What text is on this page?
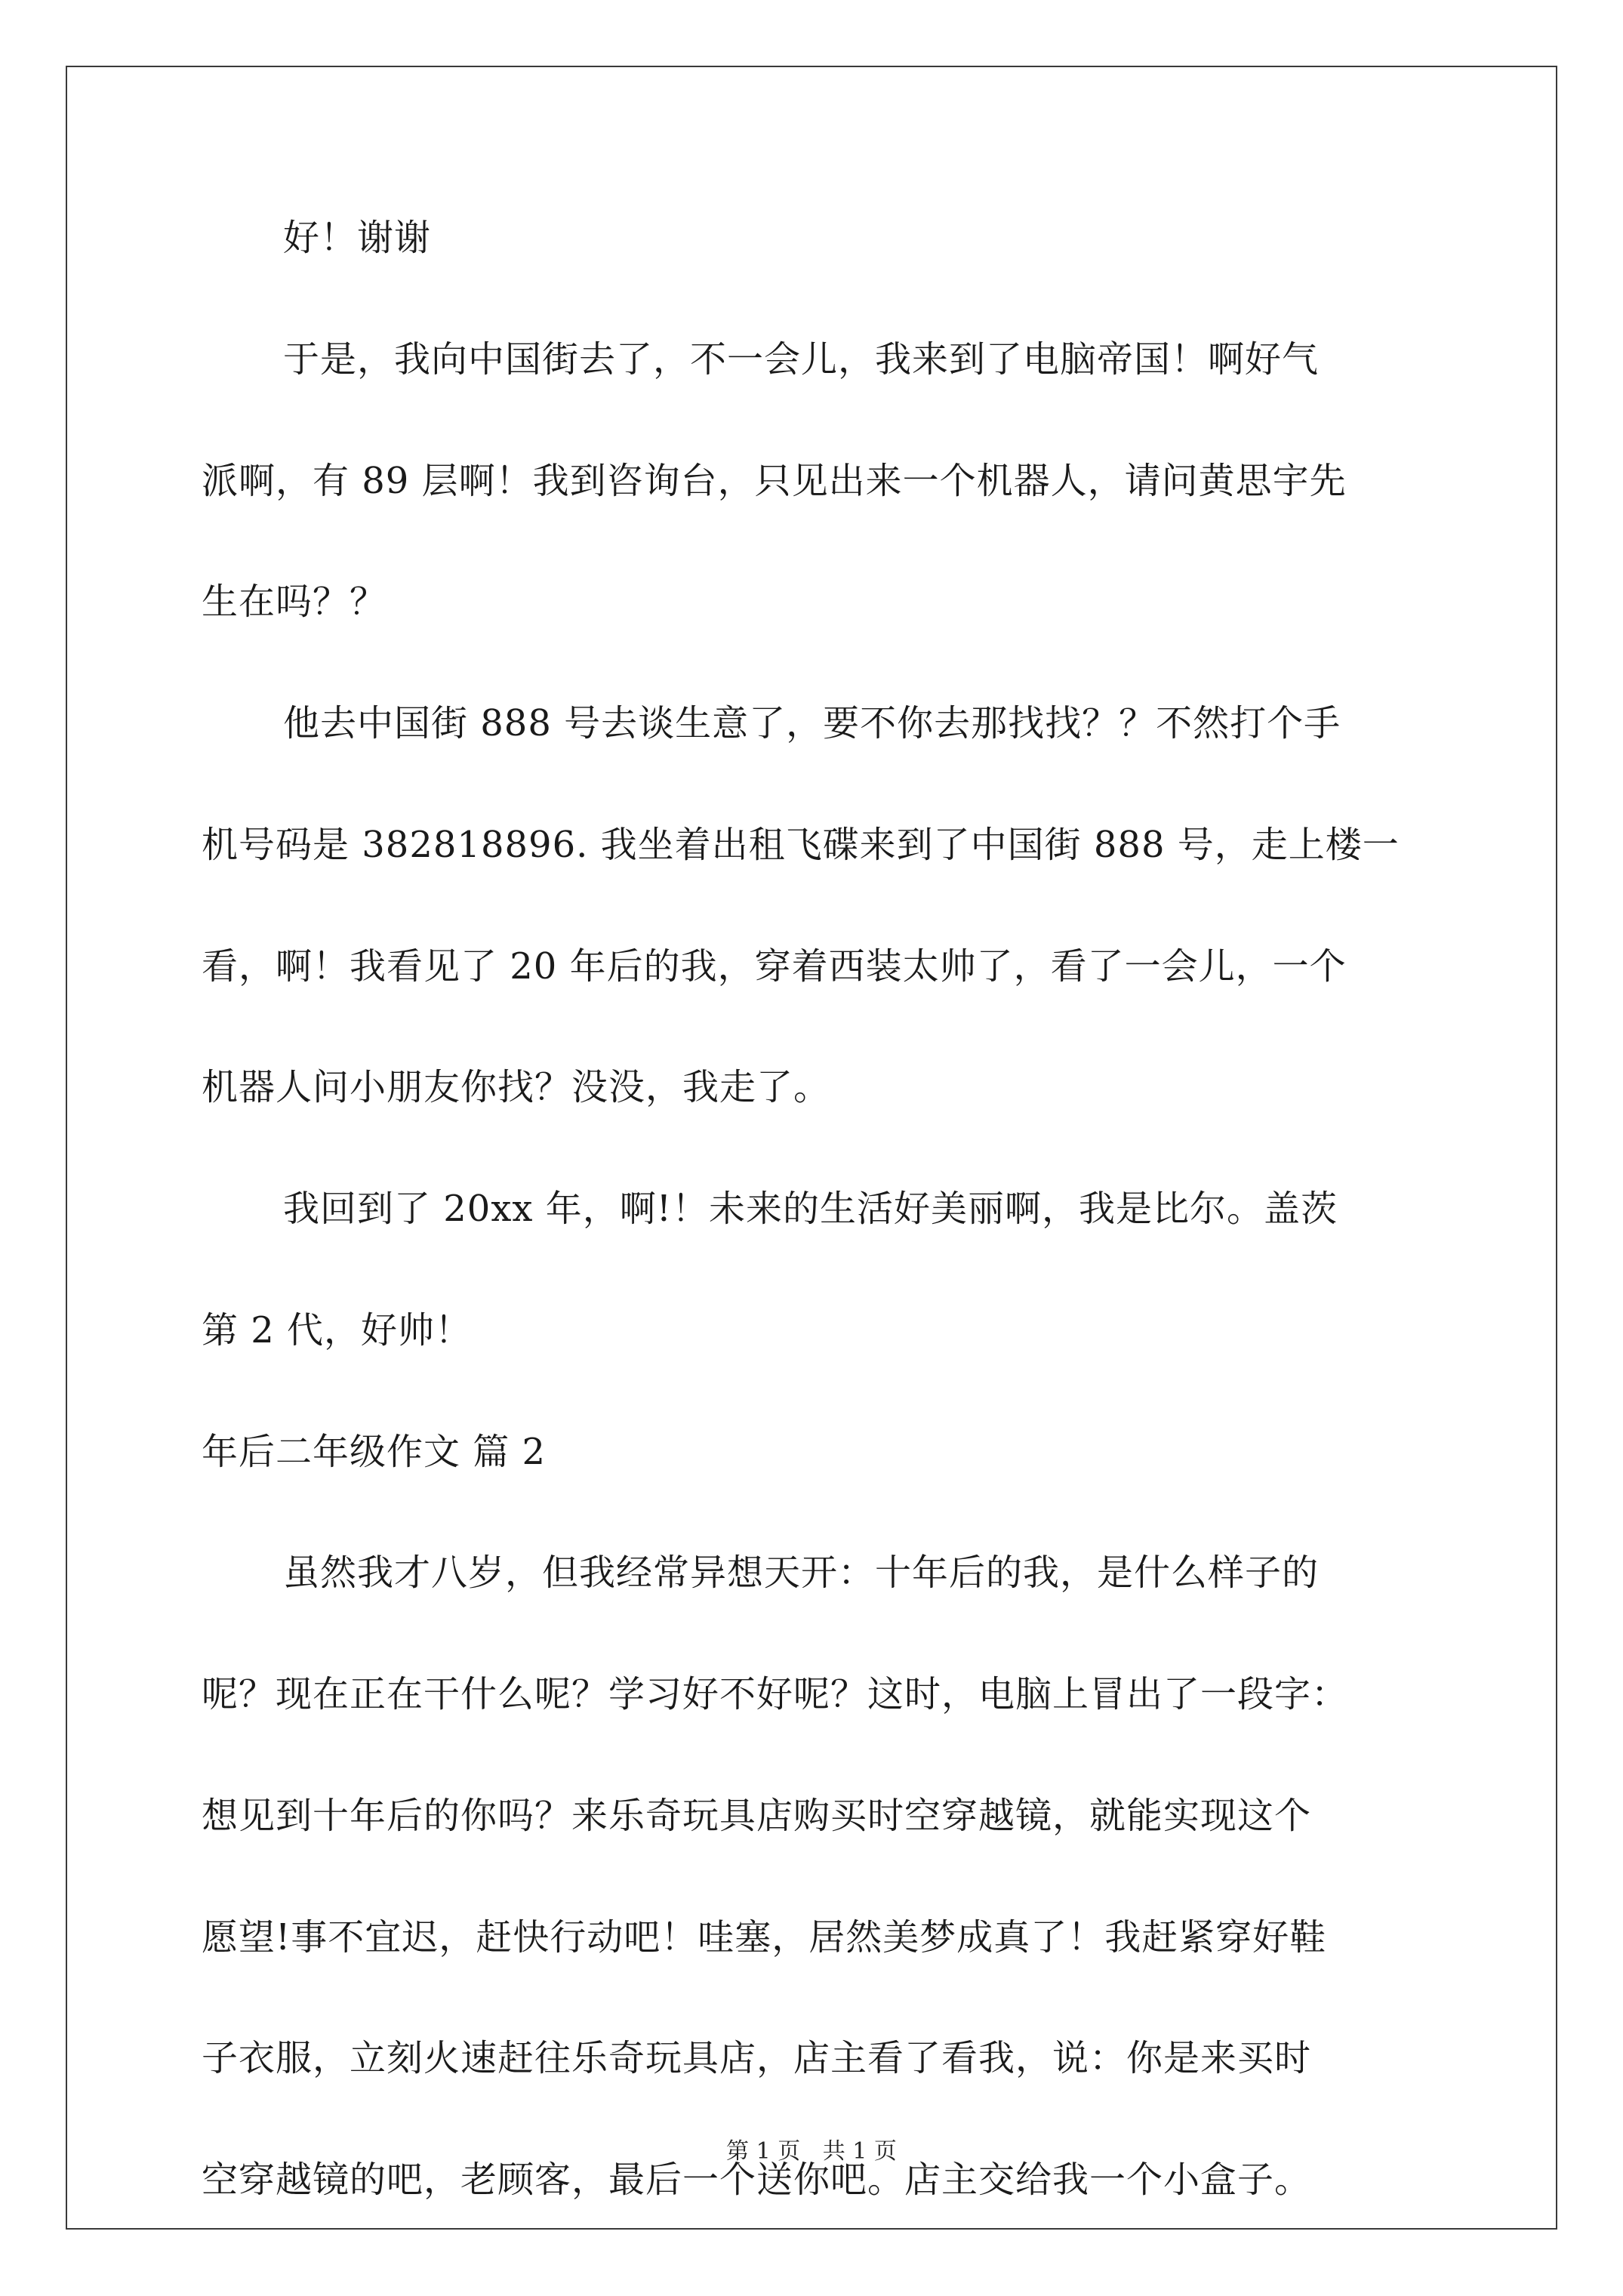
好！谢谢
于是，我向中国街去了，不一会儿，我来到了电脑帝国！啊好气
派啊，有 89 层啊！我到咨询台，只见出来一个机器人，请问黄思宇先
生在吗？？
他去中国街 888 号去谈生意了，要不你去那找找？？不然打个手
机号码是 382818896. 我坐着出租飞碟来到了中国街 888 号，走上楼一
看，啊！我看见了 20 年后的我，穿着西装太帅了，看了一会儿，一个
机器人问小朋友你找？没没，我走了。
我回到了 20xx 年，啊!！未来的生活好美丽啊，我是比尔。盖茨
第 2 代，好帅！
年后二年级作文 篇 2
虽然我才八岁，但我经常异想天开：十年后的我，是什么样子的
呢？现在正在干什么呢？学习好不好呢？这时，电脑上冒出了一段字：
想见到十年后的你吗？来乐奇玩具店购买时空穿越镜，就能实现这个
愿望!事不宜迟，赶快行动吧！哇塞，居然美梦成真了！我赶紧穿好鞋
子衣服，立刻火速赶往乐奇玩具店，店主看了看我，说：你是来买时
空穿越镜的吧，老顾客，最后一个送你吧。店主交给我一个小盒子。
第 1 页 共 1 页
